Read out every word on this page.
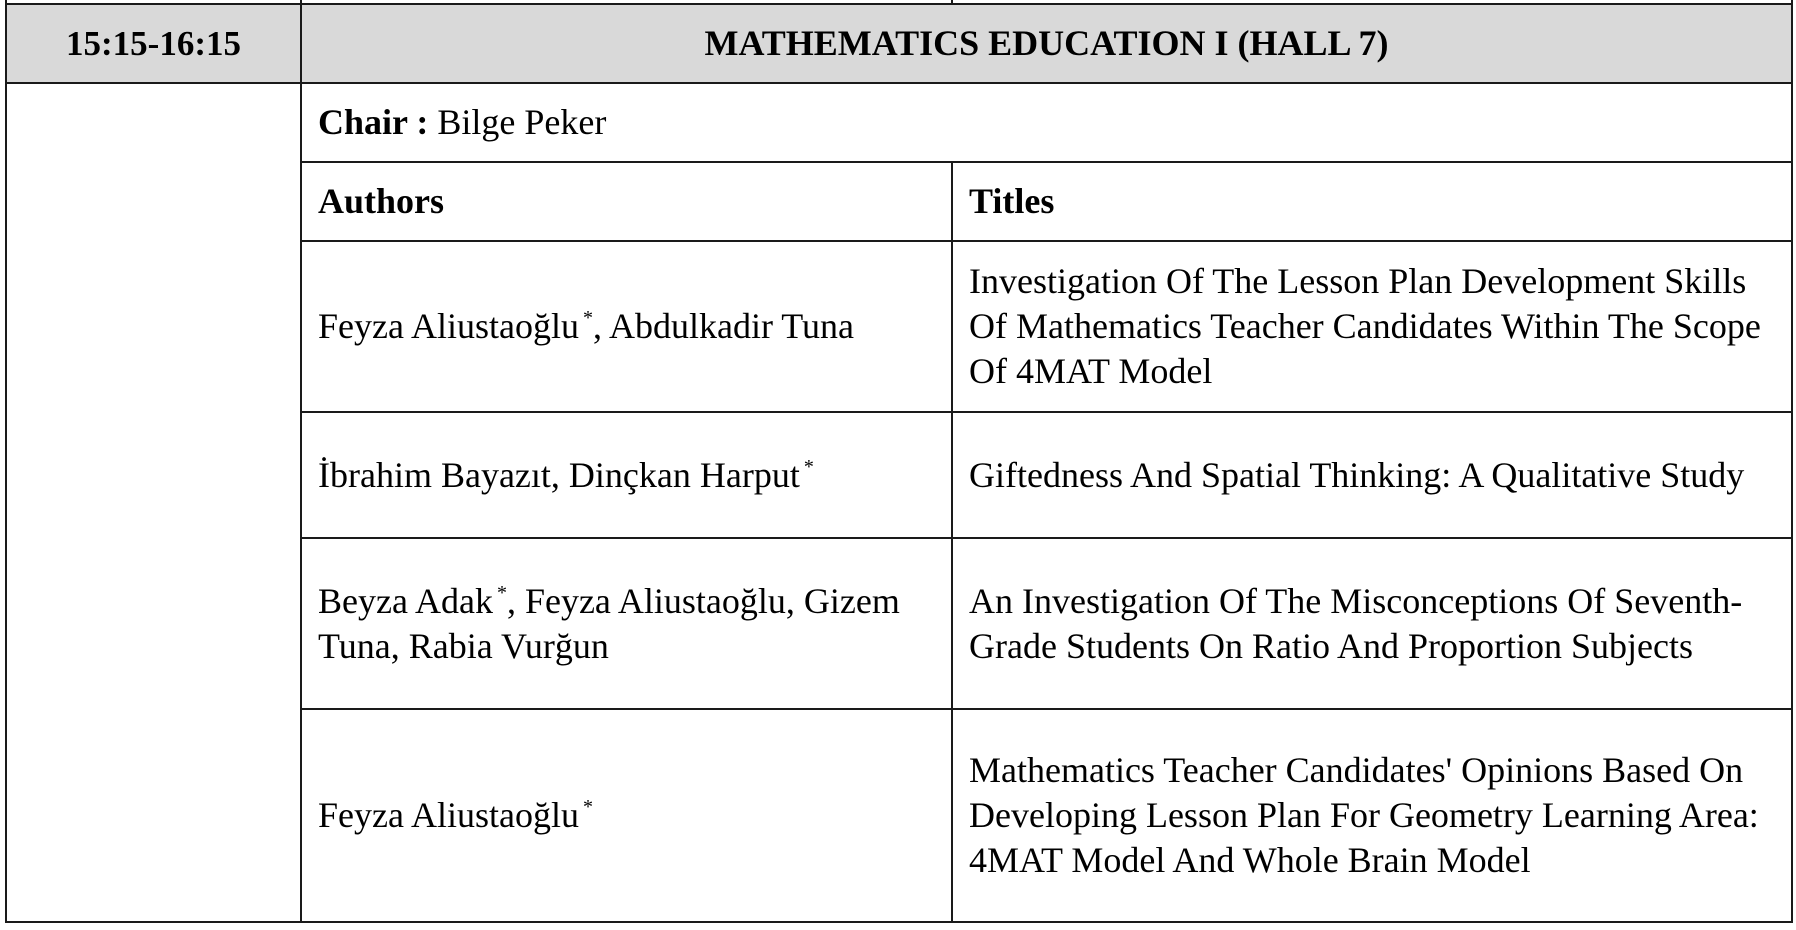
15:15-16:15	MATHEMATICS EDUCATION I (HALL 7)	
	Chair : Bilge Peker	
	Authors	Titles
	Feyza Aliustaoğlu *, Abdulkadir Tuna	Investigation Of The Lesson Plan Development Skills Of Mathematics Teacher Candidates Within The Scope Of 4MAT Model
	İbrahim Bayazıt, Dinçkan Harput *	Giftedness And Spatial Thinking: A Qualitative Study
	Beyza Adak *, Feyza Aliustaoğlu, Gizem Tuna, Rabia Vurğun	An Investigation Of The Misconceptions Of Seventh-Grade Students On Ratio And Proportion Subjects
	Feyza Aliustaoğlu *	Mathematics Teacher Candidates' Opinions Based On Developing Lesson Plan For Geometry Learning Area: 4MAT Model And Whole Brain Model
